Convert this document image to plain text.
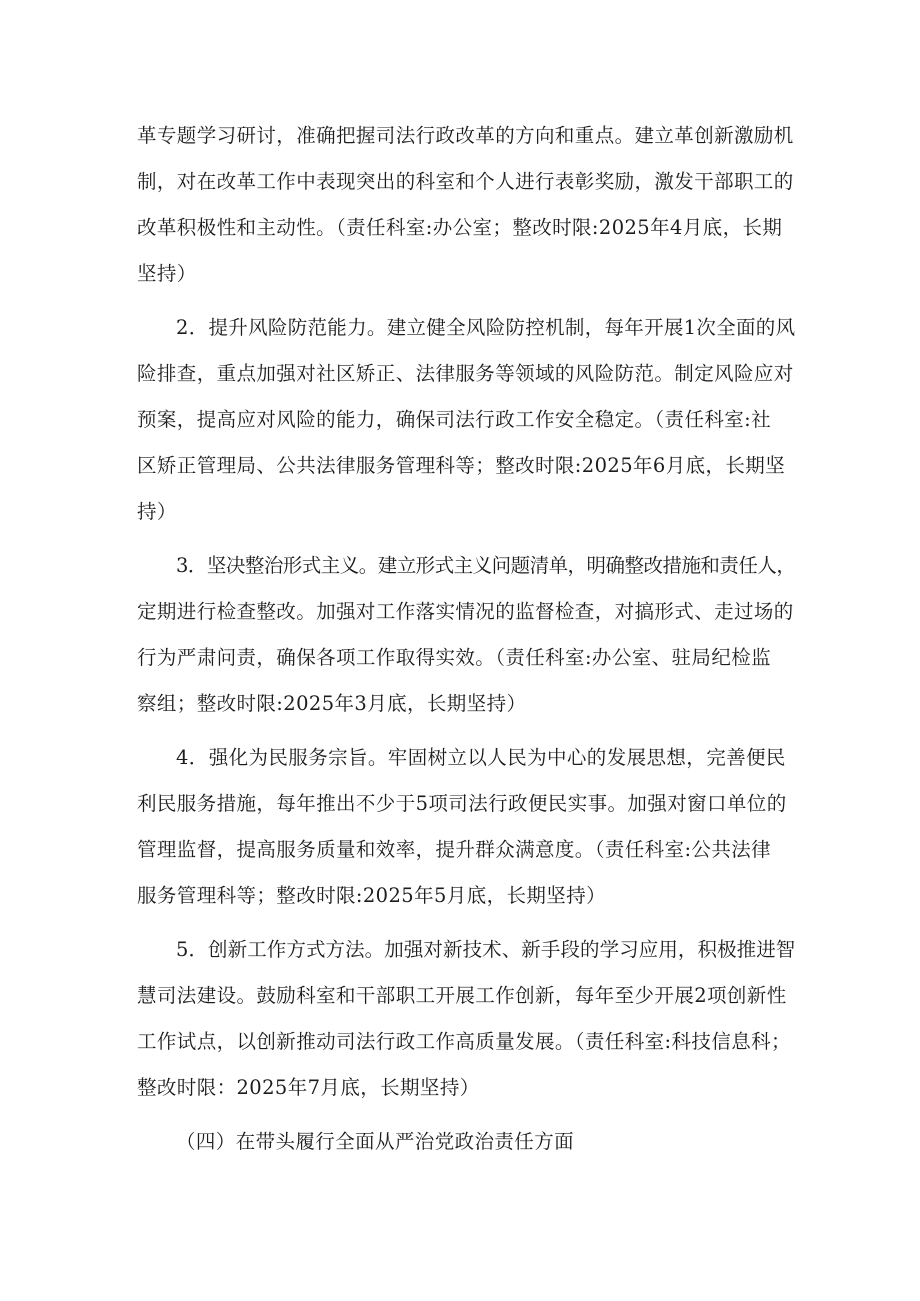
革专题学习研讨，准确把握司法行政改革的方向和重点。建立革创新激励机
制，对在改革工作中表现突出的科室和个人进行表彰奖励，激发干部职工的
改革积极性和主动性。（责任科室:办公室；整改时限:2025年4月底，长期
坚持）
2．提升风险防范能力。建立健全风险防控机制，每年开展1次全面的风
险排查，重点加强对社区矫正、法律服务等领域的风险防范。制定风险应对
预案，提高应对风险的能力，确保司法行政工作安全稳定。（责任科室:社
区矫正管理局、公共法律服务管理科等；整改时限:2025年6月底，长期坚
持）
3．坚决整治形式主义。建立形式主义问题清单，明确整改措施和责任人，
定期进行检查整改。加强对工作落实情况的监督检查，对搞形式、走过场的
行为严肃问责，确保各项工作取得实效。（责任科室:办公室、驻局纪检监
察组；整改时限:2025年3月底，长期坚持）
4．强化为民服务宗旨。牢固树立以人民为中心的发展思想，完善便民
利民服务措施，每年推出不少于5项司法行政便民实事。加强对窗口单位的
管理监督，提高服务质量和效率，提升群众满意度。（责任科室:公共法律
服务管理科等；整改时限:2025年5月底，长期坚持）
5．创新工作方式方法。加强对新技术、新手段的学习应用，积极推进智
慧司法建设。鼓励科室和干部职工开展工作创新，每年至少开展2项创新性
工作试点，以创新推动司法行政工作高质量发展。（责任科室:科技信息科；
整改时限：2025年7月底，长期坚持）
（四）在带头履行全面从严治党政治责任方面
